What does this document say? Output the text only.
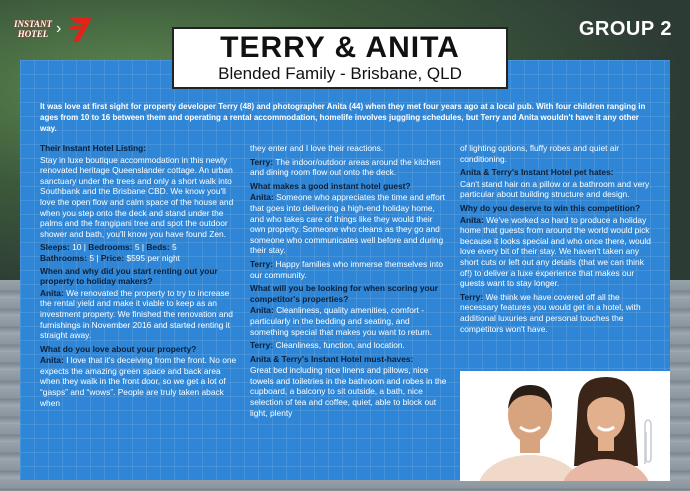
INSTANT
HOTEL ›	GROUP 2
TERRY & ANITA
Blended Family - Brisbane, QLD
It was love at first sight for property developer Terry (48) and photographer Anita (44) when they met four years ago at a local pub. With four children ranging in ages from 10 to 16 between them and operating a rental accommodation, homelife involves juggling schedules, but Terry and Anita wouldn't have it any other way.
Their Instant Hotel Listing:

Stay in luxe boutique accommodation in this newly renovated heritage Queenslander cottage. An urban sanctuary under the trees and only a short walk into Southbank and the Brisbane CBD. We know you'll love the open flow and calm space of the house and when you step onto the deck and stand under the palms and the frangipani tree and spot the outdoor shower and bath, you'll know you have found Zen.

Sleeps: 10 | Bedrooms: 5 | Beds: 5
Bathrooms: 5 | Price: $595 per night

When and why did you start renting out your property to holiday makers?

Anita: We renovated the property to try to increase the rental yield and make it viable to keep as an investment property. We finished the renovation and furnishings in November 2016 and started renting it straight away.

What do you love about your property?

Anita: I love that it's deceiving from the front. No one expects the amazing green space and back area when they walk in the front door, so we get a lot of “gasps” and “wows”. People are truly taken aback when

they enter and I love their reactions.

Terry: The indoor/outdoor areas around the kitchen and dining room flow out onto the deck.

What makes a good instant hotel guest?

Anita: Someone who appreciates the time and effort that goes into delivering a high-end holiday home, and who takes care of things like they would their own property. Someone who cleans as they go and someone who communicates well before and during their stay.

Terry: Happy families who immerse themselves into our community.

What will you be looking for when scoring your competitor's properties?

Anita: Cleanliness, quality amenities, comfort - particularly in the bedding and seating, and something special that makes you want to return.

Terry: Cleanliness, function, and location.

Anita & Terry's Instant Hotel must-haves:

Great bed including nice linens and pillows, nice towels and toiletries in the bathroom and robes in the cupboard, a balcony to sit outside, a bath, nice selection of tea and coffee, quiet, able to block out light, plenty

of lighting options, fluffy robes and quiet air conditioning.

Anita & Terry's Instant Hotel pet hates:

Can't stand hair on a pillow or a bathroom and very particular about building structure and design.

Why do you deserve to win this competition?

Anita: We've worked so hard to produce a holiday home that guests from around the world would pick because it looks special and who once there, would love every bit of their stay. We haven't taken any short cuts or left out any details (that we can think of!) to deliver a luxe experience that makes our guests want to stay longer.

Terry: We think we have covered off all the necessary features you would get in a hotel, with additional luxuries and personal touches the competitors won't have.
